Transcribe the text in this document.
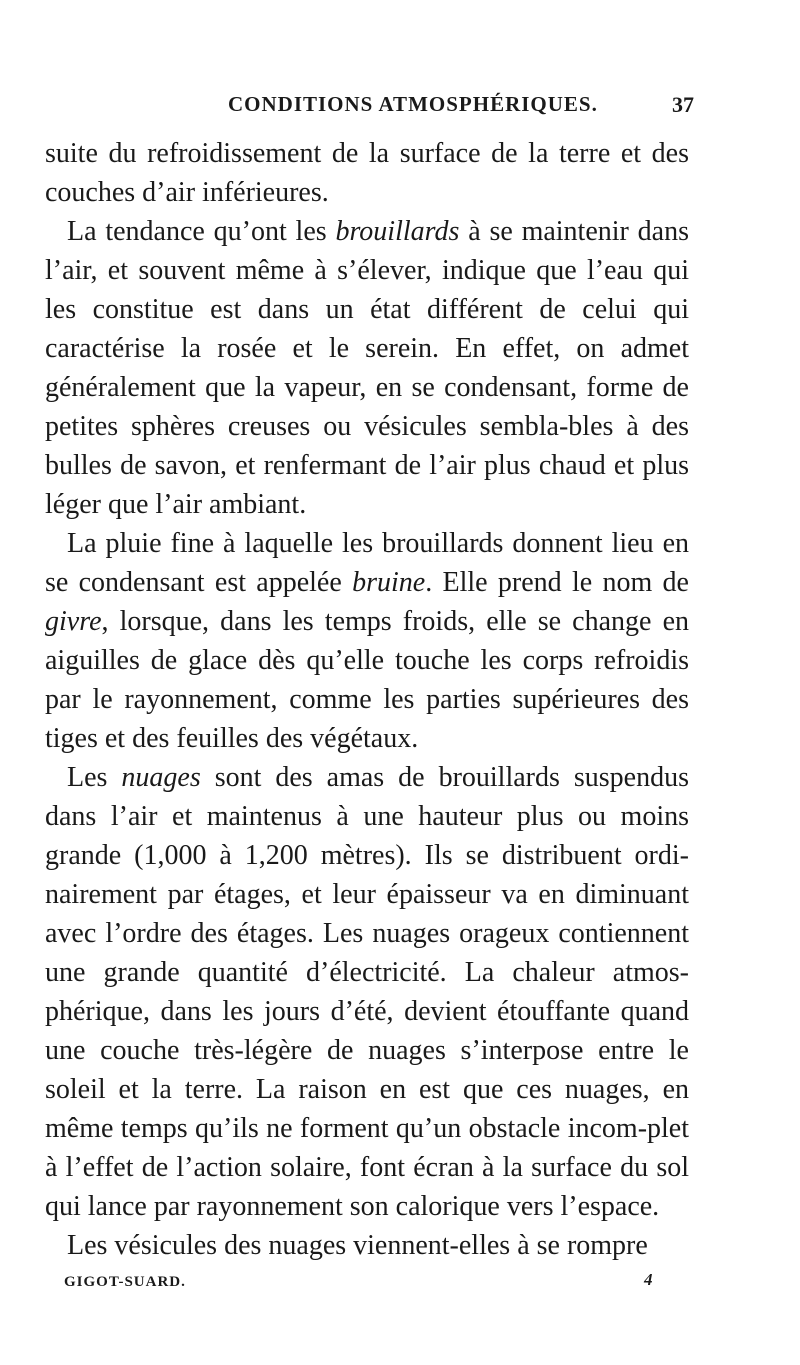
CONDITIONS ATMOSPHÉRIQUES.	37

suite du refroidissement de la surface de la terre et des couches d’air inférieures.

La tendance qu’ont les brouillards à se maintenir dans l’air, et souvent même à s’élever, indique que l’eau qui les constitue est dans un état différent de celui qui caractérise la rosée et le serein. En effet, on admet généralement que la vapeur, en se condensant, forme de petites sphères creuses ou vésicules sembla-bles à des bulles de savon, et renfermant de l’air plus chaud et plus léger que l’air ambiant.

La pluie fine à laquelle les brouillards donnent lieu en se condensant est appelée bruine. Elle prend le nom de givre, lorsque, dans les temps froids, elle se change en aiguilles de glace dès qu’elle touche les corps refroidis par le rayonnement, comme les parties supérieures des tiges et des feuilles des végétaux.

Les nuages sont des amas de brouillards suspendus dans l’air et maintenus à une hauteur plus ou moins grande (1,000 à 1,200 mètres). Ils se distribuent ordi-nairement par étages, et leur épaisseur va en diminuant avec l’ordre des étages. Les nuages orageux contiennent une grande quantité d’électricité. La chaleur atmos-phérique, dans les jours d’été, devient étouffante quand une couche très-légère de nuages s’interpose entre le soleil et la terre. La raison en est que ces nuages, en même temps qu’ils ne forment qu’un obstacle incom-plet à l’effet de l’action solaire, font écran à la surface du sol qui lance par rayonnement son calorique vers l’espace.

Les vésicules des nuages viennent-elles à se rompre

GIGOT-SUARD.	4
